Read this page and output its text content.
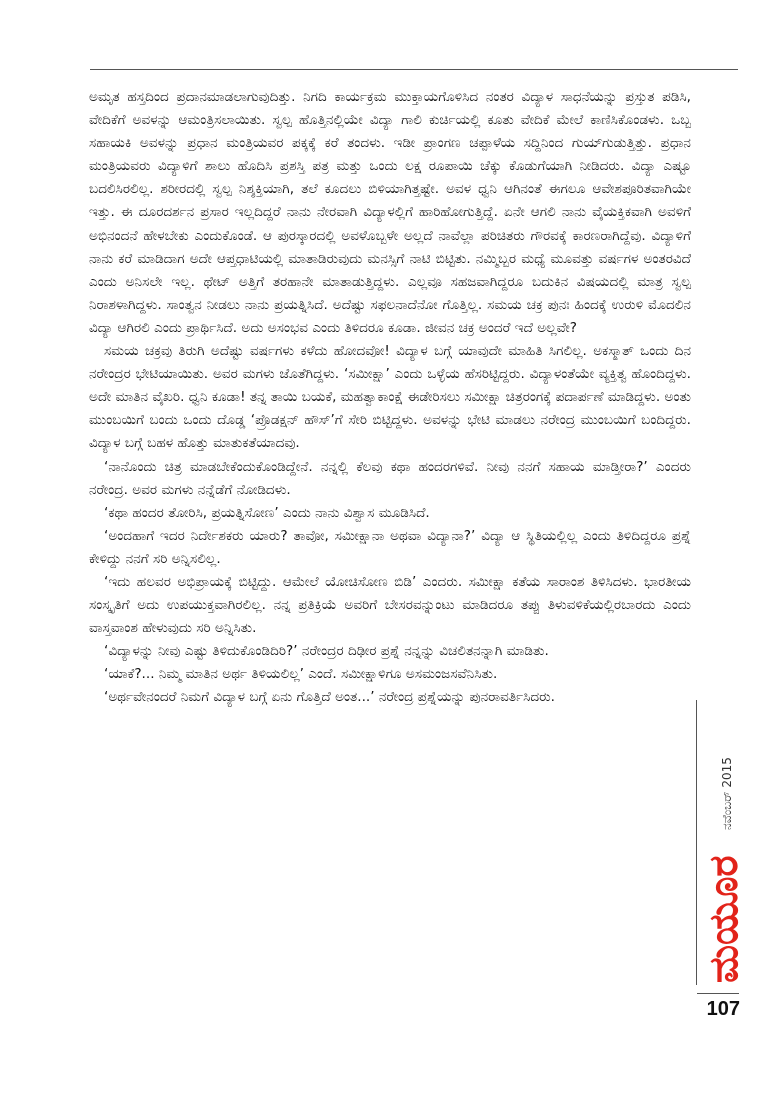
ಅಮೃತ ಹಸ್ತದಿಂದ ಪ್ರದಾನಮಾಡಲಾಗುವುದಿತ್ತು. ನಿಗದಿ ಕಾರ್ಯಕ್ರಮ ಮುಕ್ತಾಯಗೊಳಿಸಿದ ನಂತರ ವಿದ್ಯಾಳ ಸಾಧನೆಯನ್ನು ಪ್ರಸ್ತುತ ಪಡಿಸಿ, ವೇದಿಕೆಗೆ ಅವಳನ್ನು ಆಮಂತ್ರಿಸಲಾಯಿತು. ಸ್ವಲ್ಪ ಹೊತ್ತಿನಲ್ಲಿಯೇ ವಿದ್ಯಾ ಗಾಲಿ ಕುರ್ಚಿಯಲ್ಲಿ ಕೂತು ವೇದಿಕೆ ಮೇಲೆ ಕಾಣಿಸಿಕೊಂಡಳು. ಒಬ್ಬ ಸಹಾಯಕಿ ಅವಳನ್ನು ಪ್ರಧಾನ ಮಂತ್ರಿಯವರ ಪಕ್ಕಕ್ಕೆ ಕರೆ ತಂದಳು. ಇಡೀ ಪ್ರಾಂಗಣ ಚಪ್ಪಾಳೆಯ ಸದ್ದಿನಿಂದ ಗುಯ್‍ಗುಡುತ್ತಿತ್ತು. ಪ್ರಧಾನ ಮಂತ್ರಿಯವರು ವಿದ್ಯಾಳಿಗೆ ಶಾಲು ಹೊದಿಸಿ ಪ್ರಶಸ್ತಿ ಪತ್ರ ಮತ್ತು ಒಂದು ಲಕ್ಷ ರೂಪಾಯಿ ಚೆಕ್ಕು ಕೊಡುಗೆಯಾಗಿ ನೀಡಿದರು. ವಿದ್ಯಾ ಎಷ್ಟೂ ಬದಲಿಸಿರಲಿಲ್ಲ. ಶರೀರದಲ್ಲಿ ಸ್ವಲ್ಪ ನಿಶ್ಶಕ್ತಿಯಾಗಿ, ತಲೆ ಕೂದಲು ಬಿಳಿಯಾಗಿತ್ತಷ್ಟೇ. ಅವಳ ಧ್ವನಿ ಆಗಿನಂತೆ ಈಗಲೂ ಆವೇಶಪೂರಿತವಾಗಿಯೇ ಇತ್ತು. ಈ ದೂರದರ್ಶನ ಪ್ರಸಾರ ಇಲ್ಲದಿದ್ದರೆ ನಾನು ನೇರವಾಗಿ ವಿದ್ಯಾಳಲ್ಲಿಗೆ ಹಾರಿಹೋಗುತ್ತಿದ್ದೆ. ಏನೇ ಆಗಲಿ ನಾನು ವೈಯಕ್ತಿಕವಾಗಿ ಅವಳಿಗೆ ಅಭಿನಂದನೆ ಹೇಳಬೇಕು ಎಂದುಕೊಂಡೆ. ಆ ಪುರಸ್ಕಾರದಲ್ಲಿ ಅವಳೊಬ್ಬಳೇ ಅಲ್ಲದೆ ನಾವೆಲ್ಲಾ ಪರಿಚಿತರು ಗೌರವಕ್ಕೆ ಕಾರಣರಾಗಿದ್ದೆವು. ವಿದ್ಯಾಳಿಗೆ ನಾನು ಕರೆ ಮಾಡಿದಾಗ ಅದೇ ಆಪ್ತಧಾಟಿಯಲ್ಲಿ ಮಾತಾಡಿರುವುದು ಮನಸ್ಸಿಗೆ ನಾಟಿ ಬಿಟ್ಟಿತು. ನಮ್ಮಿಬ್ಬರ ಮಧ್ಯೆ ಮೂವತ್ತು ವರ್ಷಗಳ ಅಂತರವಿದೆ ಎಂದು ಅನಿಸಲೇ ಇಲ್ಲ. ಥೇಟ್ ಅತ್ತಿಗೆ ತರಹಾನೇ ಮಾತಾಡುತ್ತಿದ್ದಳು. ಎಲ್ಲವೂ ಸಹಜವಾಗಿದ್ದರೂ ಬದುಕಿನ ವಿಷಯದಲ್ಲಿ ಮಾತ್ರ ಸ್ವಲ್ಪ ನಿರಾಶಳಾಗಿದ್ದಳು. ಸಾಂತ್ವನ ನೀಡಲು ನಾನು ಪ್ರಯತ್ನಿಸಿದೆ. ಅದೆಷ್ಟು ಸಫಲನಾದೆನೋ ಗೊತ್ತಿಲ್ಲ. ಸಮಯ ಚಕ್ರ ಪುನಃ ಹಿಂದಕ್ಕೆ ಉರುಳಿ ಮೊದಲಿನ ವಿದ್ಯಾ ಆಗಿರಲಿ ಎಂದು ಪ್ರಾರ್ಥಿಸಿದೆ. ಅದು ಅಸಂಭವ ಎಂದು ತಿಳಿದರೂ ಕೂಡಾ. ಜೀವನ ಚಕ್ರ ಅಂದರೆ ಇದೆ ಅಲ್ಲವೇ?

ಸಮಯ ಚಕ್ರವು ತಿರುಗಿ ಅದೆಷ್ಟು ವರ್ಷಗಳು ಕಳೆದು ಹೋದವೋ! ವಿದ್ಯಾಳ ಬಗ್ಗೆ ಯಾವುದೇ ಮಾಹಿತಿ ಸಿಗಲಿಲ್ಲ. ಅಕಸ್ಮಾತ್ ಒಂದು ದಿನ ನರೇಂದ್ರರ ಭೇಟಿಯಾಯಿತು. ಅವರ ಮಗಳು ಜೊತೆಗಿದ್ದಳು. ‘ಸಮೀಕ್ಷಾ’ ಎಂದು ಒಳ್ಳೆಯ ಹೆಸರಿಟ್ಟಿದ್ದರು. ವಿದ್ಯಾಳಂತೆಯೇ ವ್ಯಕ್ತಿತ್ವ ಹೊಂದಿದ್ದಳು. ಅದೇ ಮಾತಿನ ವೈಖರಿ. ಧ್ವನಿ ಕೂಡಾ! ತನ್ನ ತಾಯಿ ಬಯಕೆ, ಮಹತ್ವಾಕಾಂಕ್ಷೆ ಈಡೇರಿಸಲು ಸಮೀಕ್ಷಾ ಚಿತ್ರರಂಗಕ್ಕೆ ಪದಾರ್ಪಣೆ ಮಾಡಿದ್ದಳು. ಅಂತು ಮುಂಬಯಿಗೆ ಬಂದು ಒಂದು ದೊಡ್ಡ ‘ಪ್ರೊಡಕ್ಷನ್ ಹೌಸ್’ಗೆ ಸೇರಿ ಬಿಟ್ಟಿದ್ದಳು. ಅವಳನ್ನು ಭೇಟಿ ಮಾಡಲು ನರೇಂದ್ರ ಮುಂಬಯಿಗೆ ಬಂದಿದ್ದರು. ವಿದ್ಯಾಳ ಬಗ್ಗೆ ಬಹಳ ಹೊತ್ತು ಮಾತುಕತೆಯಾದವು.

‘ನಾನೊಂದು ಚಿತ್ರ ಮಾಡಬೇಕೆಂದುಕೊಂಡಿದ್ದೇನೆ. ನನ್ನಲ್ಲಿ ಕೆಲವು ಕಥಾ ಹಂದರಗಳಿವೆ. ನೀವು ನನಗೆ ಸಹಾಯ ಮಾಡ್ತೀರಾ?’ ಎಂದರು ನರೇಂದ್ರ. ಅವರ ಮಗಳು ನನ್ನೆಡೆಗೆ ನೋಡಿದಳು.

‘ಕಥಾ ಹಂದರ ತೋರಿಸಿ, ಪ್ರಯತ್ನಿಸೋಣ’ ಎಂದು ನಾನು ವಿಶ್ವಾಸ ಮೂಡಿಸಿದೆ.

‘ಅಂದಹಾಗೆ ಇದರ ನಿರ್ದೇಶಕರು ಯಾರು? ತಾವೋ, ಸಮೀಕ್ಷಾನಾ ಅಥವಾ ವಿದ್ಯಾನಾ?’ ವಿದ್ಯಾ ಆ ಸ್ಥಿತಿಯಲ್ಲಿಲ್ಲ ಎಂದು ತಿಳಿದಿದ್ದರೂ ಪ್ರಶ್ನೆ ಕೇಳಿದ್ದು ನನಗೆ ಸರಿ ಅನ್ನಿಸಲಿಲ್ಲ.

‘ಇದು ಹಲವರ ಅಭಿಪ್ರಾಯಕ್ಕೆ ಬಿಟ್ಟಿದ್ದು. ಆಮೇಲೆ ಯೋಚಿಸೋಣ ಬಿಡಿ’ ಎಂದರು. ಸಮೀಕ್ಷಾ ಕತೆಯ ಸಾರಾಂಶ ತಿಳಿಸಿದಳು. ಭಾರತೀಯ ಸಂಸ್ಕೃತಿಗೆ ಅದು ಉಪಯುಕ್ತವಾಗಿರಲಿಲ್ಲ. ನನ್ನ ಪ್ರತಿಕ್ರಿಯೆ ಅವರಿಗೆ ಬೇಸರವನ್ನುಂಟು ಮಾಡಿದರೂ ತಪ್ಪು ತಿಳುವಳಿಕೆಯಲ್ಲಿರಬಾರದು ಎಂದು ವಾಸ್ತವಾಂಶ ಹೇಳುವುದು ಸರಿ ಅನ್ನಿಸಿತು.

‘ವಿದ್ಯಾಳನ್ನು ನೀವು ಎಷ್ಟು ತಿಳಿದುಕೊಂಡಿದಿರಿ?’ ನರೇಂದ್ರರ ದಿಢೀರ ಪ್ರಶ್ನೆ ನನ್ನನ್ನು ವಿಚಲಿತನನ್ನಾಗಿ ಮಾಡಿತು.

‘ಯಾಕೆ?... ನಿಮ್ಮ ಮಾತಿನ ಅರ್ಥ ತಿಳಿಯಲಿಲ್ಲ’ ಎಂದೆ. ಸಮೀಕ್ಷಾಳಿಗೂ ಅಸಮಂಜಸವೆನಿಸಿತು.

‘ಅರ್ಥವೇನಂದರೆ ನಿಮಗೆ ವಿದ್ಯಾಳ ಬಗ್ಗೆ ಏನು ಗೊತ್ತಿದೆ ಅಂತ...’ ನರೇಂದ್ರ ಪ್ರಶ್ನೆಯನ್ನು ಪುನರಾವರ್ತಿಸಿದರು.

ನವೆಂಬರ್ 2015
ಮಯೂರ
107
